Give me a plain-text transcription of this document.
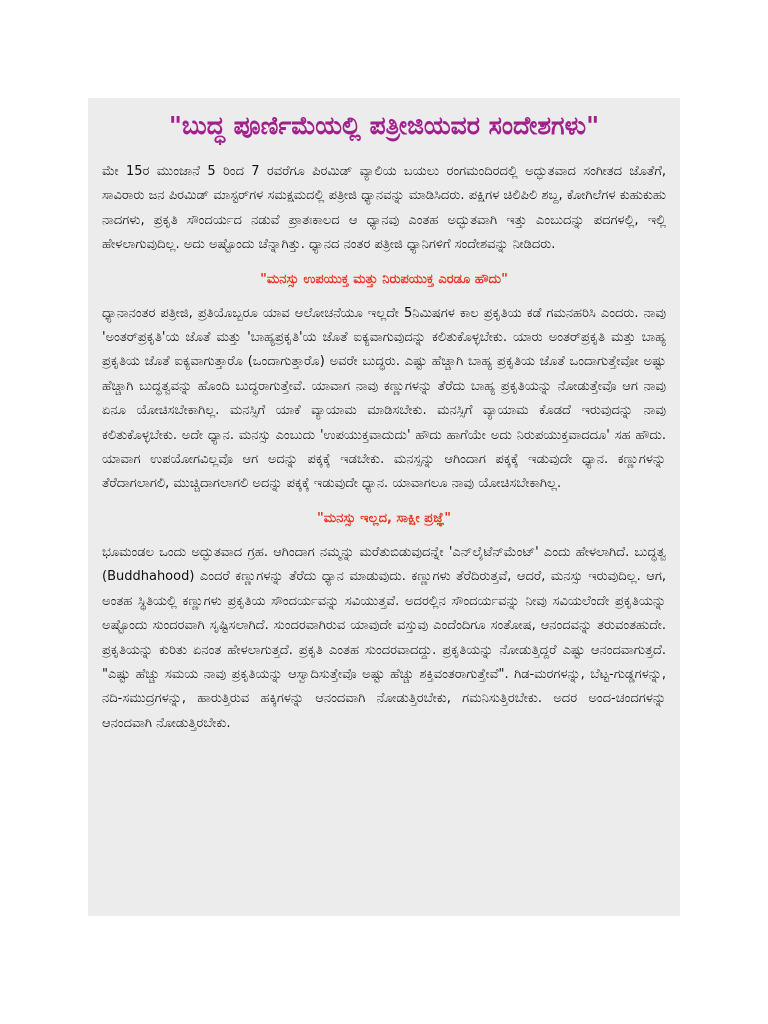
"ಬುದ್ಧ ಪೂರ್ಣಿಮೆಯಲ್ಲಿ ಪತ್ರೀಜಿಯವರ ಸಂದೇಶಗಳು"

ಮೇ 15ರ ಮುಂಜಾನೆ 5 ರಿಂದ 7 ರವರೆಗೂ ಪಿರಮಿಡ್ ವ್ಯಾಲಿಯ ಬಯಲು ರಂಗಮಂದಿರದಲ್ಲಿ ಅದ್ಭುತವಾದ ಸಂಗೀತದ ಜೊತೆಗೆ, ಸಾವಿರಾರು ಜನ ಪಿರಮಿಡ್ ಮಾಸ್ಟರ್‌ಗಳ ಸಮಕ್ಷಮದಲ್ಲಿ ಪತ್ರೀಜಿ ಧ್ಯಾನವನ್ನು ಮಾಡಿಸಿದರು. ಪಕ್ಷಿಗಳ ಚಿಲಿಪಿಲಿ ಶಬ್ದ, ಕೋಗಿಲೆಗಳ ಕುಹುಕುಹು ನಾದಗಳು, ಪ್ರಕೃತಿ ಸೌಂದರ್ಯದ ನಡುವೆ ಪ್ರಾತಃಕಾಲದ ಆ ಧ್ಯಾನವು ಎಂತಹ ಅದ್ಭುತವಾಗಿ ಇತ್ತು ಎಂಬುದನ್ನು ಪದಗಳಲ್ಲಿ, ಇಲ್ಲಿ ಹೇಳಲಾಗುವುದಿಲ್ಲ. ಅದು ಅಷ್ಟೊಂದು ಚೆನ್ನಾಗಿತ್ತು. ಧ್ಯಾನದ ನಂತರ ಪತ್ರೀಜಿ ಧ್ಯಾನಿಗಳಿಗೆ ಸಂದೇಶವನ್ನು ನೀಡಿದರು.

"ಮನಸ್ಸು ಉಪಯುಕ್ತ ಮತ್ತು ನಿರುಪಯುಕ್ತ ಎರಡೂ ಹೌದು"

ಧ್ಯಾನಾನಂತರ ಪತ್ರೀಜಿ, ಪ್ರತಿಯೊಬ್ಬರೂ ಯಾವ ಆಲೋಚನೆಯೂ ಇಲ್ಲದೇ 5ನಿಮಿಷಗಳ ಕಾಲ ಪ್ರಕೃತಿಯ ಕಡೆ ಗಮನಹರಿಸಿ ಎಂದರು. ನಾವು 'ಅಂತರ್‌ಪ್ರಕೃತಿ'ಯ ಜೊತೆ ಮತ್ತು 'ಬಾಹ್ಯಪ್ರಕೃತಿ'ಯ ಜೊತೆ ಐಕ್ಯವಾಗುವುದನ್ನು ಕಲಿತುಕೊಳ್ಳಬೇಕು. ಯಾರು ಅಂತರ್‌ಪ್ರಕೃತಿ ಮತ್ತು ಬಾಹ್ಯ ಪ್ರಕೃತಿಯ ಜೊತೆ ಐಕ್ಯವಾಗುತ್ತಾರೊ (ಒಂದಾಗುತ್ತಾರೊ) ಅವರೇ ಬುದ್ಧರು. ಎಷ್ಟು ಹೆಚ್ಚಾಗಿ ಬಾಹ್ಯ ಪ್ರಕೃತಿಯ ಜೊತೆ ಒಂದಾಗುತ್ತೇವೋ ಅಷ್ಟು ಹೆಚ್ಚಾಗಿ ಬುದ್ಧತ್ವವನ್ನು ಹೊಂದಿ ಬುದ್ಧರಾಗುತ್ತೇವೆ. ಯಾವಾಗ ನಾವು ಕಣ್ಣುಗಳನ್ನು ತೆರೆದು ಬಾಹ್ಯ ಪ್ರಕೃತಿಯನ್ನು ನೋಡುತ್ತೇವೊ ಆಗ ನಾವು ಏನೂ ಯೋಚಿಸಬೇಕಾಗಿಲ್ಲ. ಮನಸ್ಸಿಗೆ ಯಾಕೆ ವ್ಯಾಯಾಮ ಮಾಡಿಸಬೇಕು. ಮನಸ್ಸಿಗೆ ವ್ಯಾಯಾಮ ಕೊಡದೆ ಇರುವುದನ್ನು ನಾವು ಕಲಿತುಕೊಳ್ಳಬೇಕು. ಅದೇ ಧ್ಯಾನ. ಮನಸ್ಸು ಎಂಬುದು 'ಉಪಯುಕ್ತವಾದುದು' ಹೌದು ಹಾಗೆಯೇ ಅದು ನಿರುಪಯುಕ್ತವಾದದೂ' ಸಹ ಹೌದು. ಯಾವಾಗ ಉಪಯೋಗವಿಲ್ಲವೊ ಆಗ ಅದನ್ನು ಪಕ್ಕಕ್ಕೆ ಇಡಬೇಕು. ಮನಸ್ಸನ್ನು ಆಗಿಂದಾಗ ಪಕ್ಕಕ್ಕೆ ಇಡುವುದೇ ಧ್ಯಾನ. ಕಣ್ಣುಗಳನ್ನು ತೆರೆದಾಗಲಾಗಲಿ, ಮುಚ್ಚಿದಾಗಲಾಗಲಿ ಅದನ್ನು ಪಕ್ಕಕ್ಕೆ ಇಡುವುದೇ ಧ್ಯಾನ. ಯಾವಾಗಲೂ ನಾವು ಯೋಚಿಸಬೇಕಾಗಿಲ್ಲ.

"ಮನಸ್ಸು ಇಲ್ಲದ, ಸಾಕ್ಷೀ ಪ್ರಜ್ಞೆ"

ಭೂಮಂಡಲ ಒಂದು ಅದ್ಭುತವಾದ ಗ್ರಹ. ಆಗಿಂದಾಗ ನಮ್ಮನ್ನು ಮರೆತುಬಿಡುವುದನ್ನೇ 'ಎನ್‌ಲೈಟೆನ್‌ಮೆಂಟ್' ಎಂದು ಹೇಳಲಾಗಿದೆ. ಬುದ್ಧತ್ವ (Buddhahood) ಎಂದರೆ ಕಣ್ಣುಗಳನ್ನು ತೆರೆದು ಧ್ಯಾನ ಮಾಡುವುದು. ಕಣ್ಣುಗಳು ತೆರೆದಿರುತ್ತವೆ, ಆದರೆ, ಮನಸ್ಸು ಇರುವುದಿಲ್ಲ. ಆಗ, ಅಂತಹ ಸ್ಥಿತಿಯಲ್ಲಿ ಕಣ್ಣುಗಳು ಪ್ರಕೃತಿಯ ಸೌಂದರ್ಯವನ್ನು ಸವಿಯುತ್ತವೆ. ಅದರಲ್ಲಿನ ಸೌಂದರ್ಯವನ್ನು ನೀವು ಸವಿಯಲೆಂದೇ ಪ್ರಕೃತಿಯನ್ನು ಅಷ್ಟೊಂದು ಸುಂದರವಾಗಿ ಸೃಷ್ಟಿಸಲಾಗಿದೆ. ಸುಂದರವಾಗಿರುವ ಯಾವುದೇ ವಸ್ತುವು ಎಂದೆಂದಿಗೂ ಸಂತೋಷ, ಆನಂದವನ್ನು ತರುವಂತಹುದೇ. ಪ್ರಕೃತಿಯನ್ನು ಕುರಿತು ಏನಂತ ಹೇಳಲಾಗುತ್ತದೆ. ಪ್ರಕೃತಿ ಎಂತಹ ಸುಂದರವಾದದ್ದು. ಪ್ರಕೃತಿಯನ್ನು ನೋಡುತ್ತಿದ್ದರೆ ಎಷ್ಟು ಆನಂದವಾಗುತ್ತದೆ. "ಎಷ್ಟು ಹೆಚ್ಚು ಸಮಯ ನಾವು ಪ್ರಕೃತಿಯನ್ನು ಆಸ್ವಾದಿಸುತ್ತೇವೊ ಅಷ್ಟು ಹೆಚ್ಚು ಶಕ್ತಿವಂತರಾಗುತ್ತೇವೆ". ಗಿಡ-ಮರಗಳನ್ನು, ಬೆಟ್ಟ-ಗುಡ್ಡಗಳನ್ನು, ನದಿ-ಸಮುದ್ರಗಳನ್ನು, ಹಾರುತ್ತಿರುವ ಹಕ್ಕಿಗಳನ್ನು ಆನಂದವಾಗಿ ನೋಡುತ್ತಿರಬೇಕು, ಗಮನಿಸುತ್ತಿರಬೇಕು. ಅದರ ಅಂದ-ಚಂದಗಳನ್ನು ಆನಂದವಾಗಿ ನೋಡುತ್ತಿರಬೇಕು.
